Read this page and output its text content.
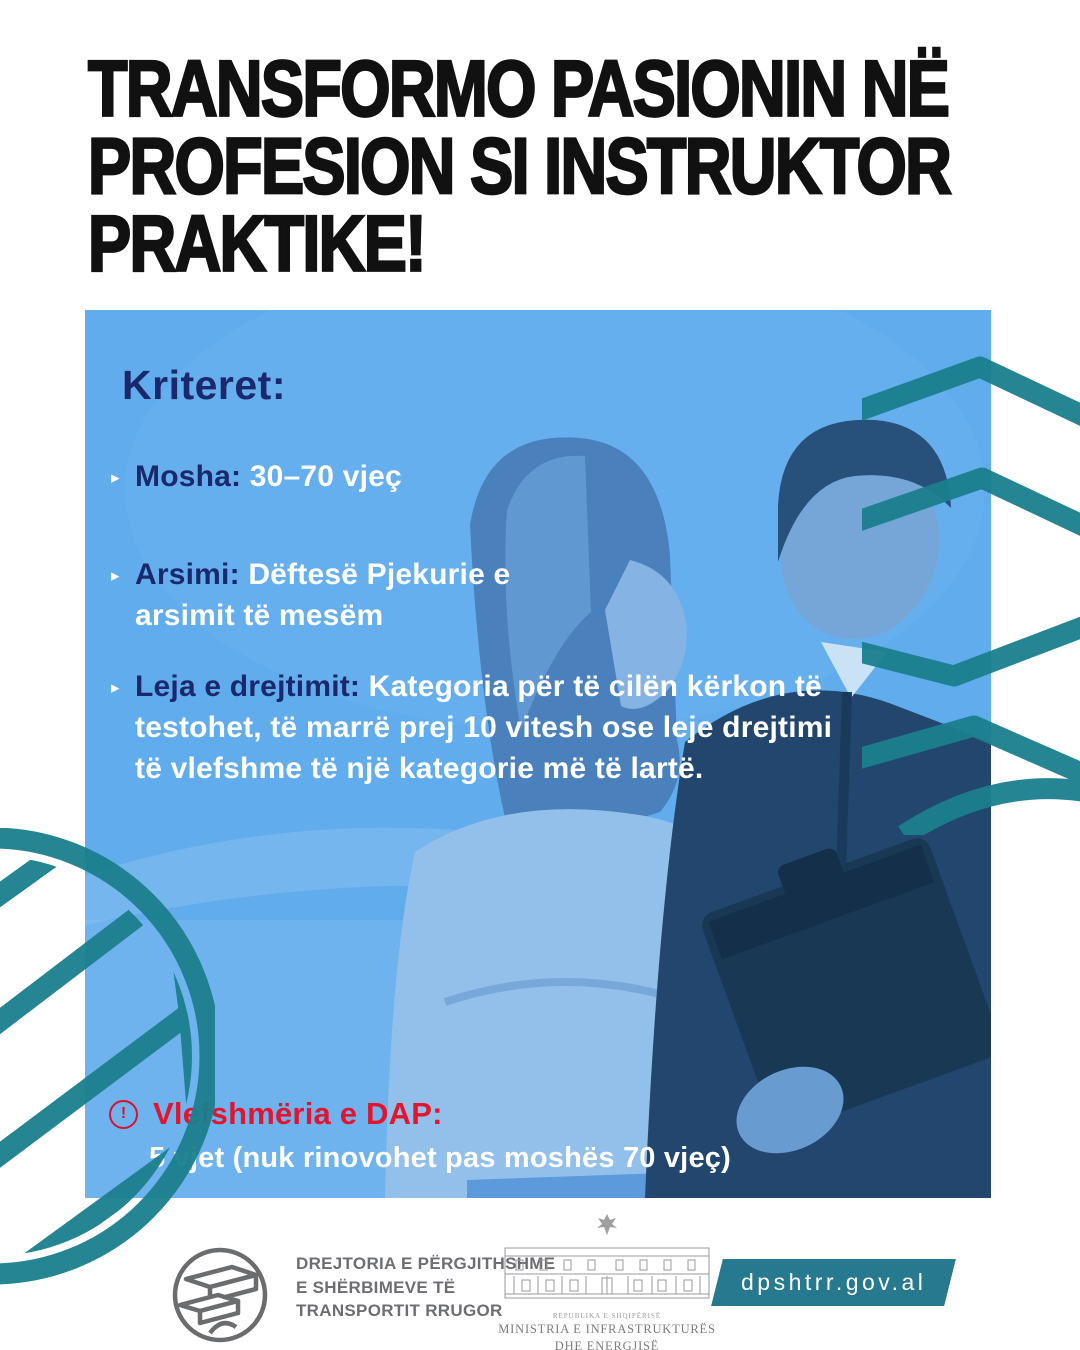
TRANSFORMO PASIONIN NË
PROFESION SI INSTRUKTOR
PRAKTIKE!
Kriteret:
▸ Mosha: 30–70 vjeç

▸ Arsimi: Dëftesë Pjekurie e arsimit të mesëm

▸ Leja e drejtimit: Kategoria për të cilën kërkon të testohet, të marrë prej 10 vitesh ose leje drejtimi të vlefshme të një kategorie më të lartë.

! Vlefshmëria e DAP:
5 vjet (nuk rinovohet pas moshës 70 vjeç)
DREJTORIA E PËRGJITHSHME
E SHËRBIMEVE TË
TRANSPORTIT RRUGOR
	REPUBLIKA E SHQIPËRISË
MINISTRIA E INFRASTRUKTURËS
DHE ENERGJISË
dpshtrr.gov.al
